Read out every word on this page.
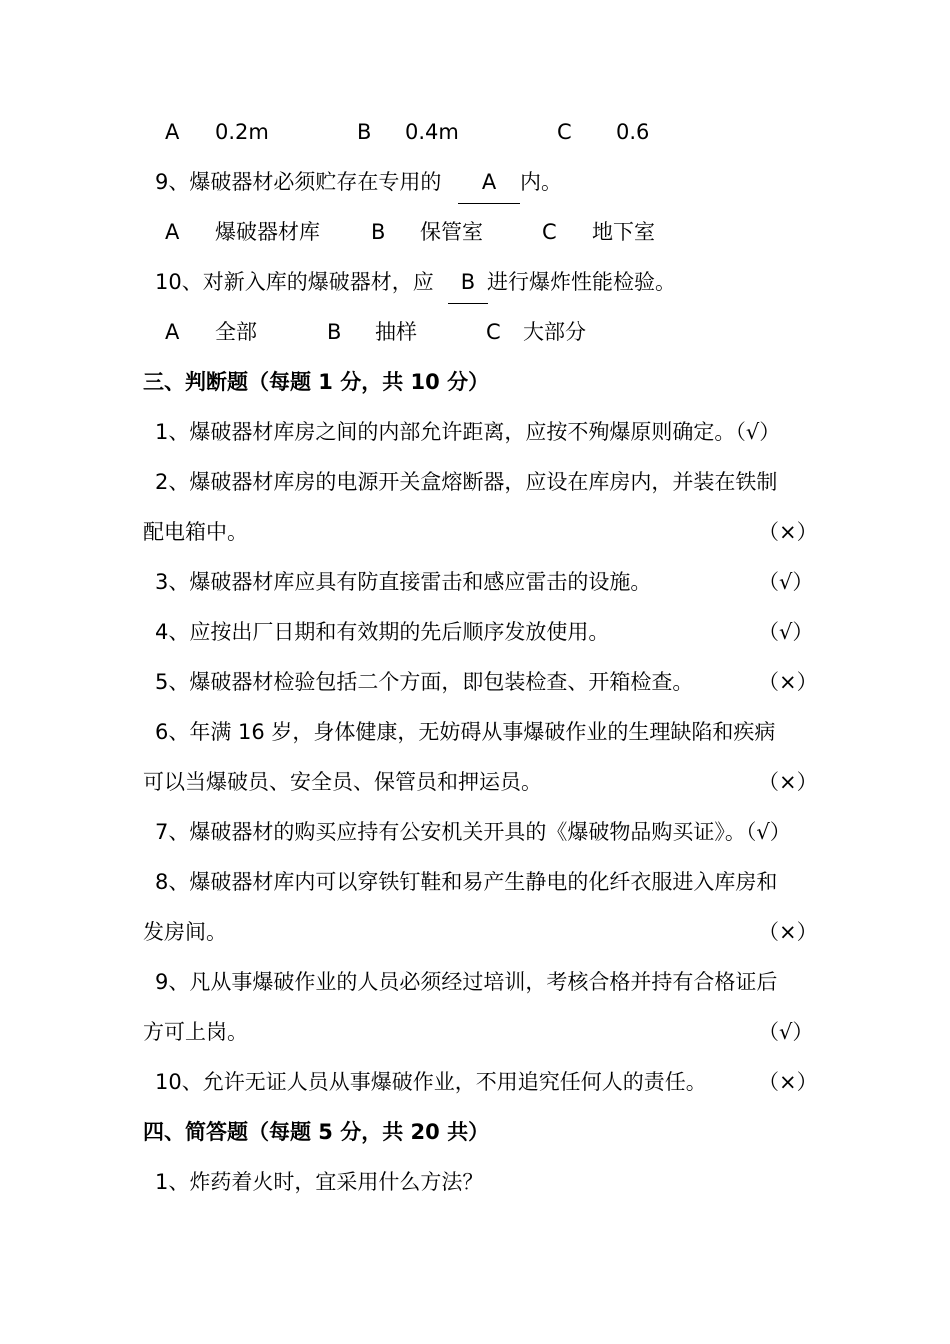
A 0.2m	B 0.4m	C 0.6
9、爆破器材必须贮存在专用的	A	内。
A 爆破器材库 B 保管室	C 地下室
10、对新入库的爆破器材，应	B 进行爆炸性能检验。
A 全部	B 抽样	C 大部分
三、判断题（每题 1 分，共 10 分）
1、爆破器材库房之间的内部允许距离，应按不殉爆原则确定。（√）
2、爆破器材库房的电源开关盒熔断器，应设在库房内，并装在铁制
配电箱中。	（×）
3、爆破器材库应具有防直接雷击和感应雷击的设施。	（√）
4、应按出厂日期和有效期的先后顺序发放使用。	（√）
5、爆破器材检验包括二个方面，即包装检查、开箱检查。	（×）
6、年满 16 岁，身体健康，无妨碍从事爆破作业的生理缺陷和疾病
可以当爆破员、安全员、保管员和押运员。	（×）
7、爆破器材的购买应持有公安机关开具的《爆破物品购买证》。（√）
8、爆破器材库内可以穿铁钉鞋和易产生静电的化纤衣服进入库房和
发房间。	（×）
9、凡从事爆破作业的人员必须经过培训，考核合格并持有合格证后
方可上岗。	（√）
10、允许无证人员从事爆破作业，不用追究任何人的责任。 （×）
四、简答题（每题 5 分，共 20 共）
1、炸药着火时，宜采用什么方法？
